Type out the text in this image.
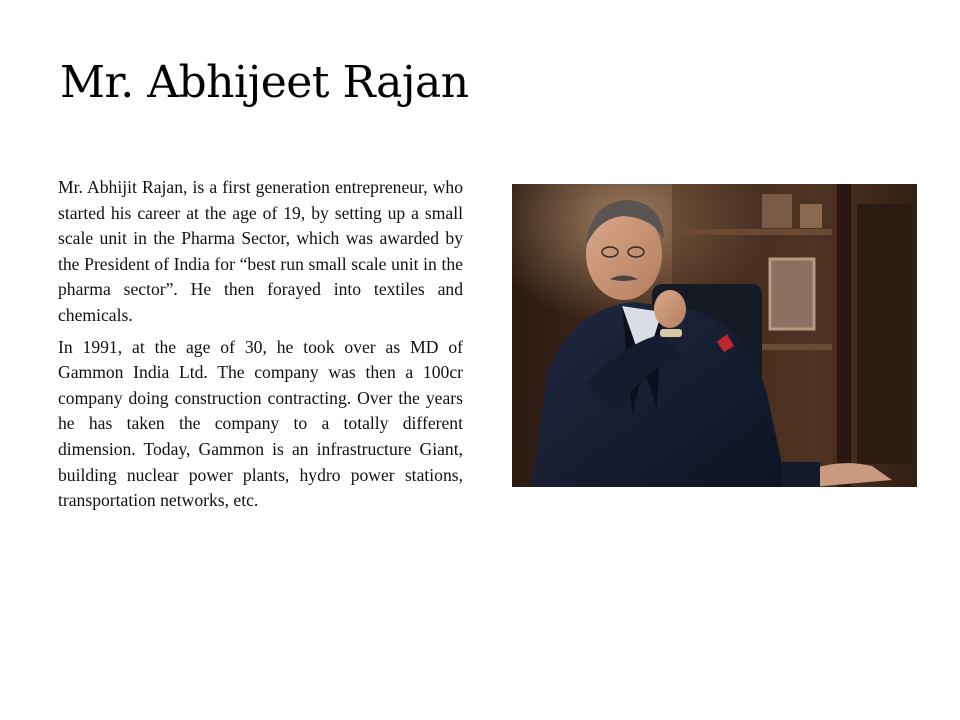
Mr. Abhijeet Rajan

Mr. Abhijit Rajan, is a first generation entrepreneur, who started his career at the age of 19, by setting up a small scale unit in the Pharma Sector, which was awarded by the President of India for “best run small scale unit in the pharma sector”. He then forayed into textiles and chemicals.

In 1991, at the age of 30, he took over as MD of Gammon India Ltd. The company was then a 100cr company doing construction contracting. Over the years he has taken the company to a totally different dimension. Today, Gammon is an infrastructure Giant, building nuclear power plants, hydro power stations, transportation networks, etc.
